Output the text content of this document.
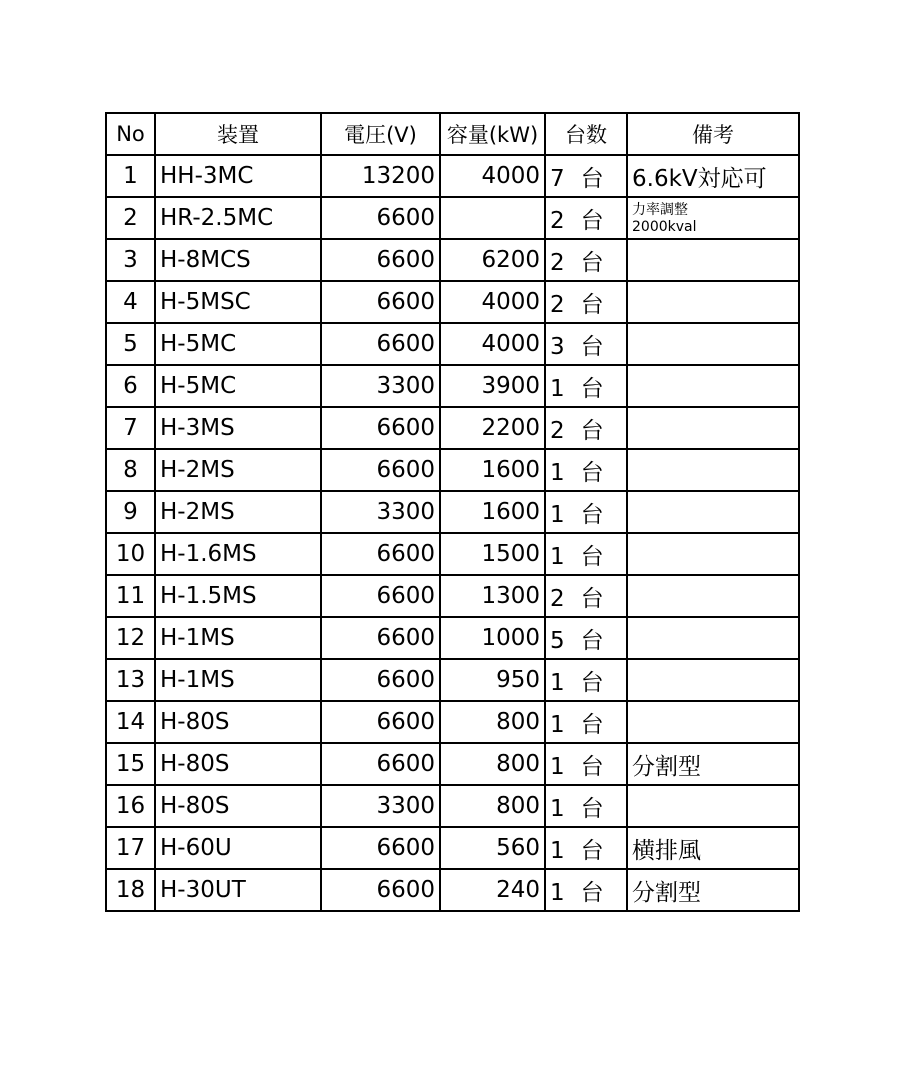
No	装置	電圧(V)	容量(kW)	台数	備考
1	HH-3MC	13200	4000	7 台	6.6kV対応可
2	HR-2.5MC	6600		2 台	力率調整
2000kval

3	H-8MCS	6600	6200	2 台	
4	H-5MSC	6600	4000	2 台	
5	H-5MC	6600	4000	3 台	
6	H-5MC	3300	3900	1 台	
7	H-3MS	6600	2200	2 台	
8	H-2MS	6600	1600	1 台	
9	H-2MS	3300	1600	1 台	
10	H-1.6MS	6600	1500	1 台	
11	H-1.5MS	6600	1300	2 台	
12	H-1MS	6600	1000	5 台	
13	H-1MS	6600	950	1 台	
14	H-80S	6600	800	1 台	
15	H-80S	6600	800	1 台	分割型
16	H-80S	3300	800	1 台	
17	H-60U	6600	560	1 台	横排風
18	H-30UT	6600	240	1 台	分割型
